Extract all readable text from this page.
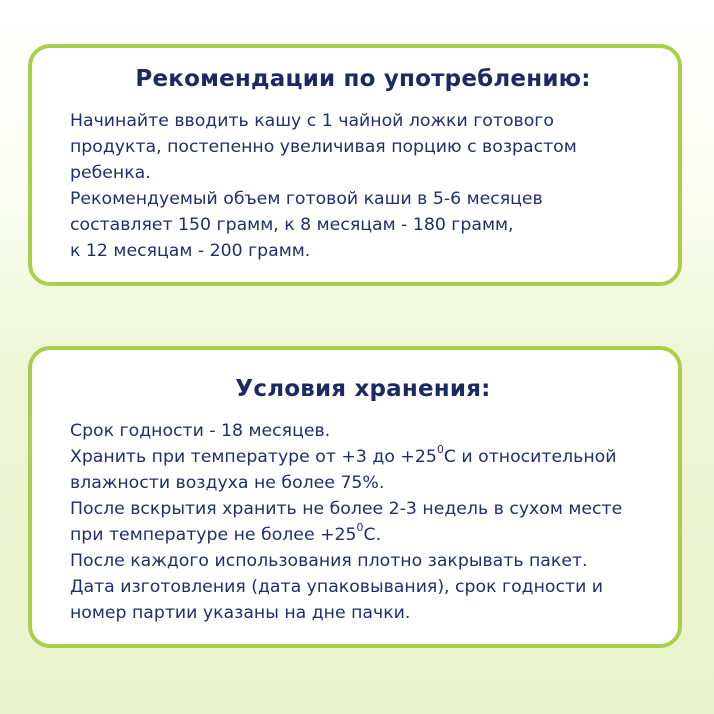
Рекомендации по употреблению:
Начинайте вводить кашу с 1 чайной ложки готового
продукта, постепенно увеличивая порцию с возрастом
ребенка.
Рекомендуемый объем готовой каши в 5-6 месяцев
составляет 150 грамм, к 8 месяцам - 180 грамм,
к 12 месяцам - 200 грамм.
Условия хранения:
Срок годности - 18 месяцев.
Хранить при температуре от +3 до $+25^0С$ и относительной
влажности воздуха не более 75%.
После вскрытия хранить не более 2-3 недель в сухом месте
при температуре не более $+25^0С$.
После каждого использования плотно закрывать пакет.
Дата изготовления (дата упаковывания), срок годности и
номер партии указаны на дне пачки.
